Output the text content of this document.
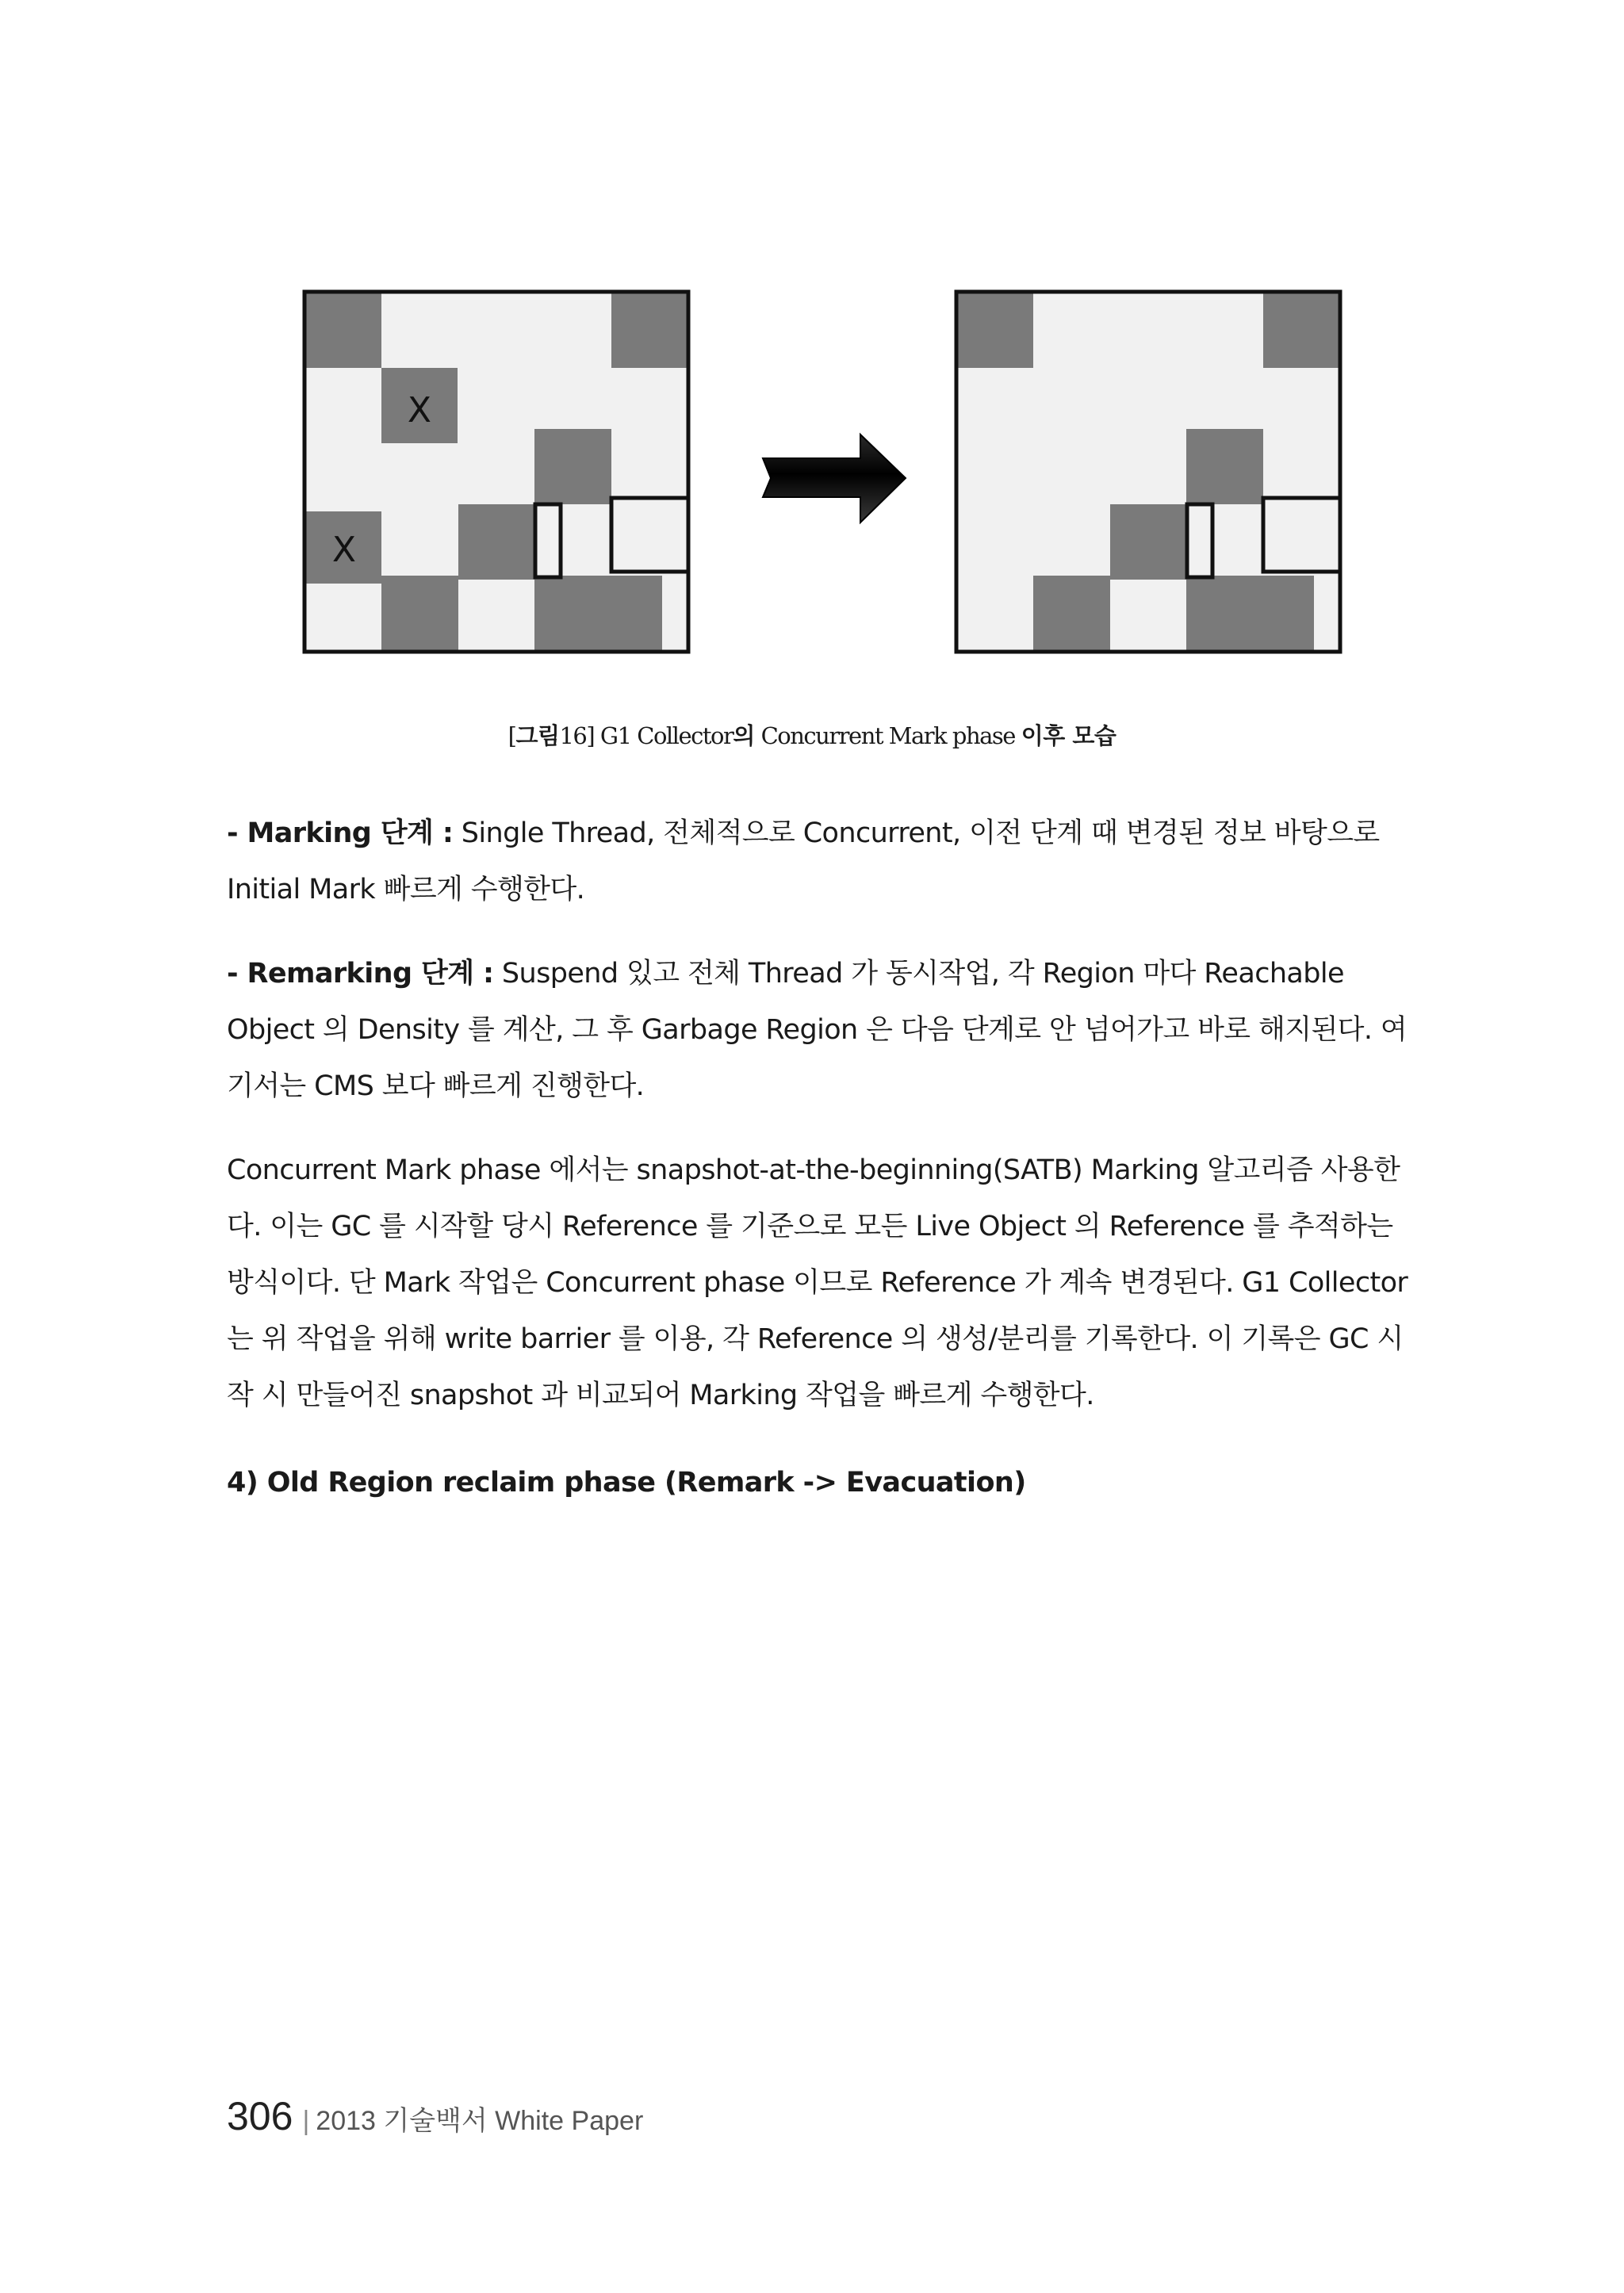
X
X
[그림16] G1 Collector의 Concurrent Mark phase 이후 모습

- Marking 단계 : Single Thread, 전체적으로 Concurrent, 이전 단계 때 변경된 정보 바탕으로 Initial Mark 빠르게 수행한다.

- Remarking 단계 : Suspend 있고 전체 Thread 가 동시작업, 각 Region 마다 Reachable Object 의 Density 를 계산, 그 후 Garbage Region 은 다음 단계로 안 넘어가고 바로 해지된다. 여기서는 CMS 보다 빠르게 진행한다.

Concurrent Mark phase 에서는 snapshot-at-the-beginning(SATB) Marking 알고리즘 사용한다. 이는 GC 를 시작할 당시 Reference 를 기준으로 모든 Live Object 의 Reference 를 추적하는 방식이다. 단 Mark 작업은 Concurrent phase 이므로 Reference 가 계속 변경된다. G1 Collector 는 위 작업을 위해 write barrier 를 이용, 각 Reference 의 생성/분리를 기록한다. 이 기록은 GC 시작 시 만들어진 snapshot 과 비교되어 Marking 작업을 빠르게 수행한다.

4) Old Region reclaim phase (Remark -> Evacuation)

306 | 2013 기술백서 White Paper
